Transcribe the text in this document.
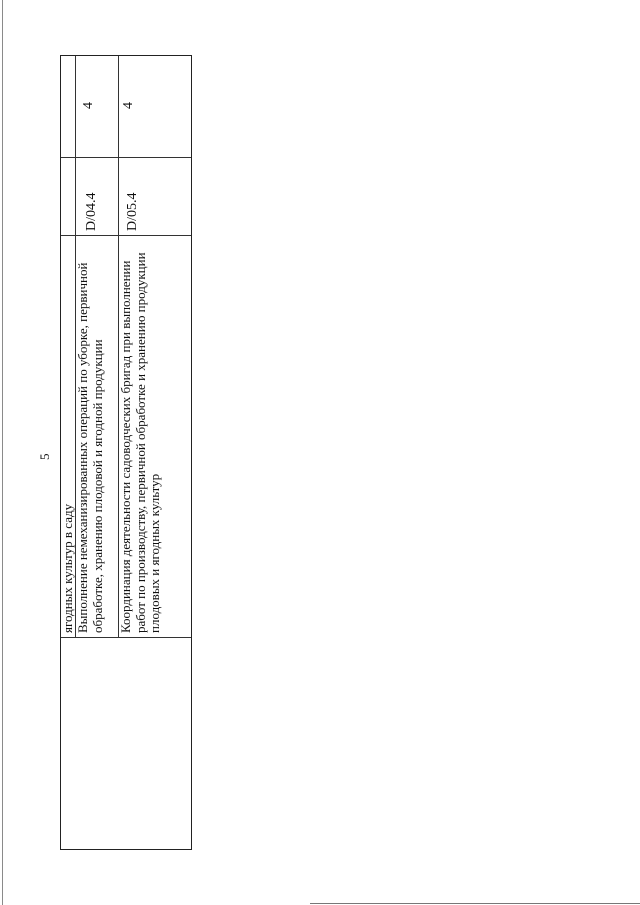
5
ягодных культур в саду Выполнение немеханизированных операций по уборке, первичной обработке, хранению плодовой и ягодной продукции
D/04.4
4
Координация деятельности садоводческих бригад при выполнении работ по производству, первичной обработке и хранению продукции плодовых и ягодных культур
D/05.4
4
